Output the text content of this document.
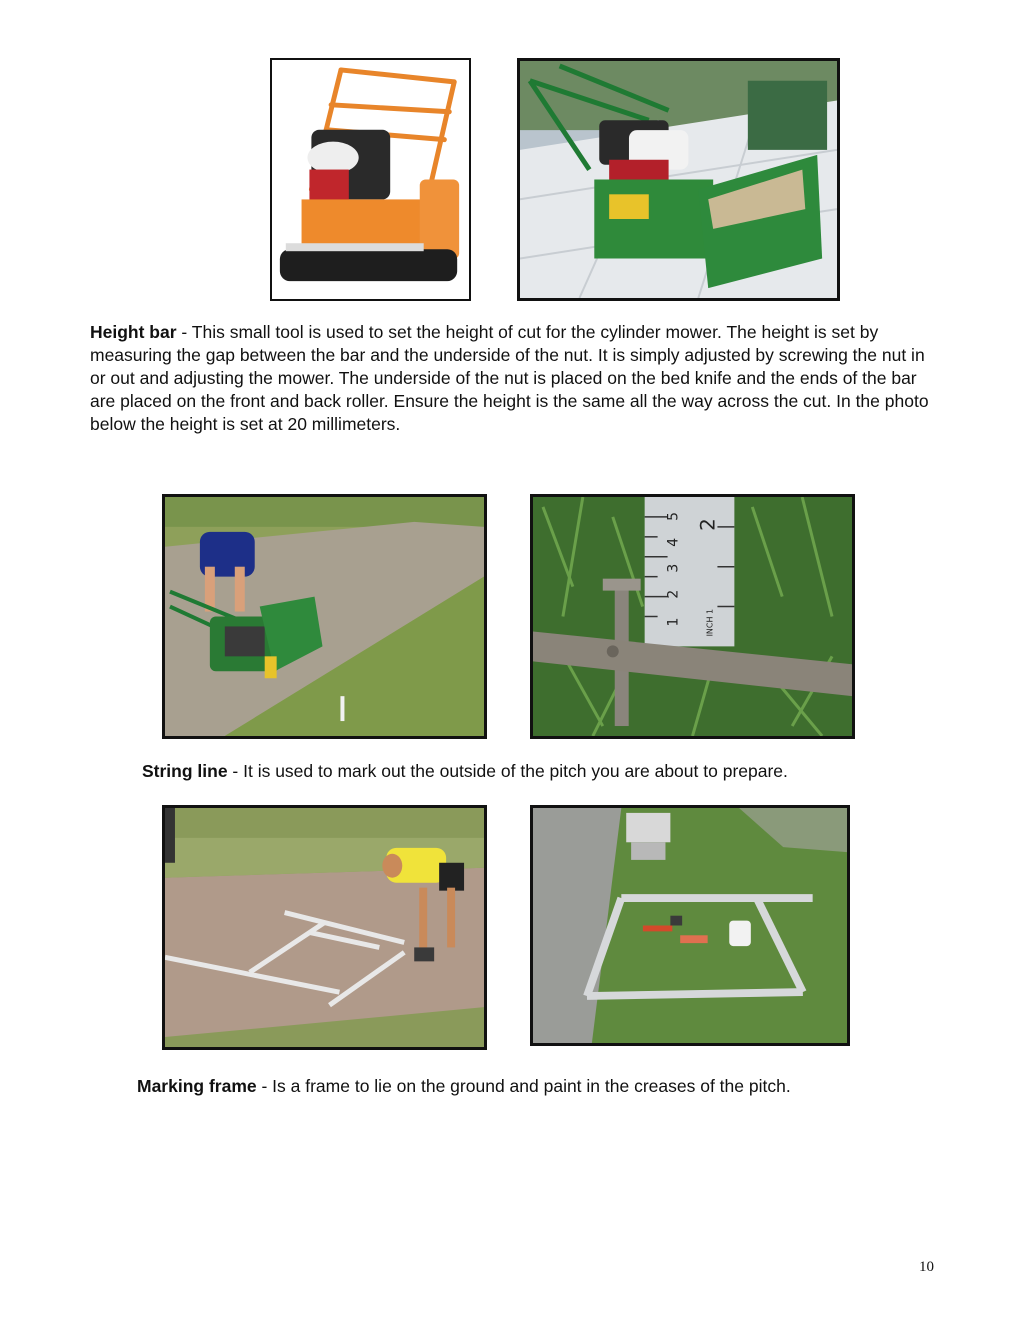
Height bar - This small tool is used to set the height of cut for the cylinder mower. The height is set by measuring the gap between the bar and the underside of the nut. It is simply adjusted by screwing the nut in or out and adjusting the mower. The underside of the nut is placed on the bed knife and the ends of the bar are placed on the front and back roller. Ensure the height is the same all the way across the cut. In the photo below the height is set at 20 millimeters.
1
2
3
4
5
2
INCH 1
String line - It is used to mark out the outside of the pitch you are about to prepare.
Marking frame - Is a frame to lie on the ground and paint in the creases of the pitch.
10
